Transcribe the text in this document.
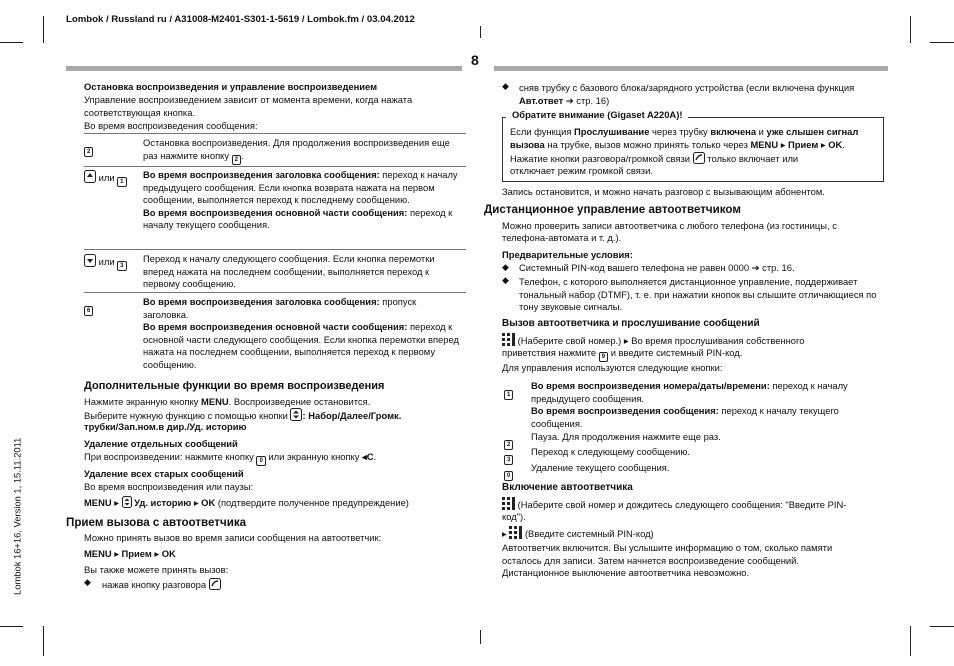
Lombok / Russland ru / A31008-M2401-S301-1-5619 / Lombok.fm / 03.04.2012
8
Lombok 16+16, Version 1, 15.11.2011
Остановка воспроизведения и управление воспроизведением
Управление воспроизведением зависит от момента времени, когда нажата соответствующая кнопка.
Во время воспроизведения сообщения:
2
Остановка воспроизведения. Для продолжения воспроизведения еще раз нажмите кнопку 2 .
или 1
Во время воспроизведения заголовка сообщения: переход к началу предыдущего сообщения. Если кнопка возврата нажата на первом сообщении, выполняется переход к последнему сообщению.
Во время воспроизведения основной части сообщения: переход к началу текущего сообщения.
или 3
Переход к началу следующего сообщения. Если кнопка перемотки вперед нажата на последнем сообщении, выполняется переход к первому сообщению.
6
Во время воспроизведения заголовка сообщения: пропуск заголовка.
Во время воспроизведения основной части сообщения: переход к основной части следующего сообщения. Если кнопка перемотки вперед нажата на последнем сообщении, выполняется переход к первому сообщению.
Дополнительные функции во время воспроизведения
Нажмите экранную кнопку MENU. Воспроизведение остановится.
Выберите нужную функцию с помощью кнопки : Набор/Далее/Громк.
трубки/Зап.ном.в дир./Уд. историю
Удаление отдельных сообщений
При воспроизведении: нажмите кнопку 0 или экранную кнопку ◂C.
Удаление всех старых сообщений
Во время воспроизведения или паузы:
MENU ▸ Уд. историю ▸ OK (подтвердите полученное предупреждение)
Прием вызова с автоответчика
Можно принять вызов во время записи сообщения на автоответчик:
MENU ▸ Прием ▸ OK
Вы также можете принять вызов:
◆ нажав кнопку разговора
◆ сняв трубку с базового блока/зарядного устройства (если включена функция
Авт.ответ ➔ стр. 16)
Обратите внимание (Gigaset A220A)!
Если функция Прослушивание через трубку включена и уже слышен сигнал
вызова на трубке, вызов можно принять только через MENU ▸ Прием ▸ OK.
Нажатие кнопки разговора/громкой связи только включает или
отключает режим громкой связи.
Запись остановится, и можно начать разговор с вызывающим абонентом.
Дистанционное управление автоответчиком
Можно проверить записи автоответчика с любого телефона (из гостиницы, с
телефона-автомата и т. д.).
Предварительные условия:
◆ Системный PIN-код вашего телефона не равен 0000 ➔ стр. 16.
◆ Телефон, с которого выполняется дистанционное управление, поддерживает тональный набор (DTMF), т. е. при нажатии кнопок вы слышите отличающиеся по тону звуковые сигналы.
Вызов автоответчика и прослушивание сообщений
(Наберите свой номер.) ▸ Во время прослушивания собственного
приветствия нажмите 9 и введите системный PIN-код.
Для управления используются следующие кнопки:
1
Во время воспроизведения номера/даты/времени: переход к началу предыдущего сообщения.
Во время воспроизведения сообщения: переход к началу текущего сообщения.
2
Пауза. Для продолжения нажмите еще раз.
3
Переход к следующему сообщению.
0
Удаление текущего сообщения.
Включение автоответчика
(Наберите свой номер и дождитесь следующего сообщения: "Введите PIN-
код").
▸ (Введите системный PIN-код)
Автоответчик включится. Вы услышите информацию о том, сколько памяти
осталось для записи. Затем начнется воспроизведение сообщений.
Дистанционное выключение автоответчика невозможно.
